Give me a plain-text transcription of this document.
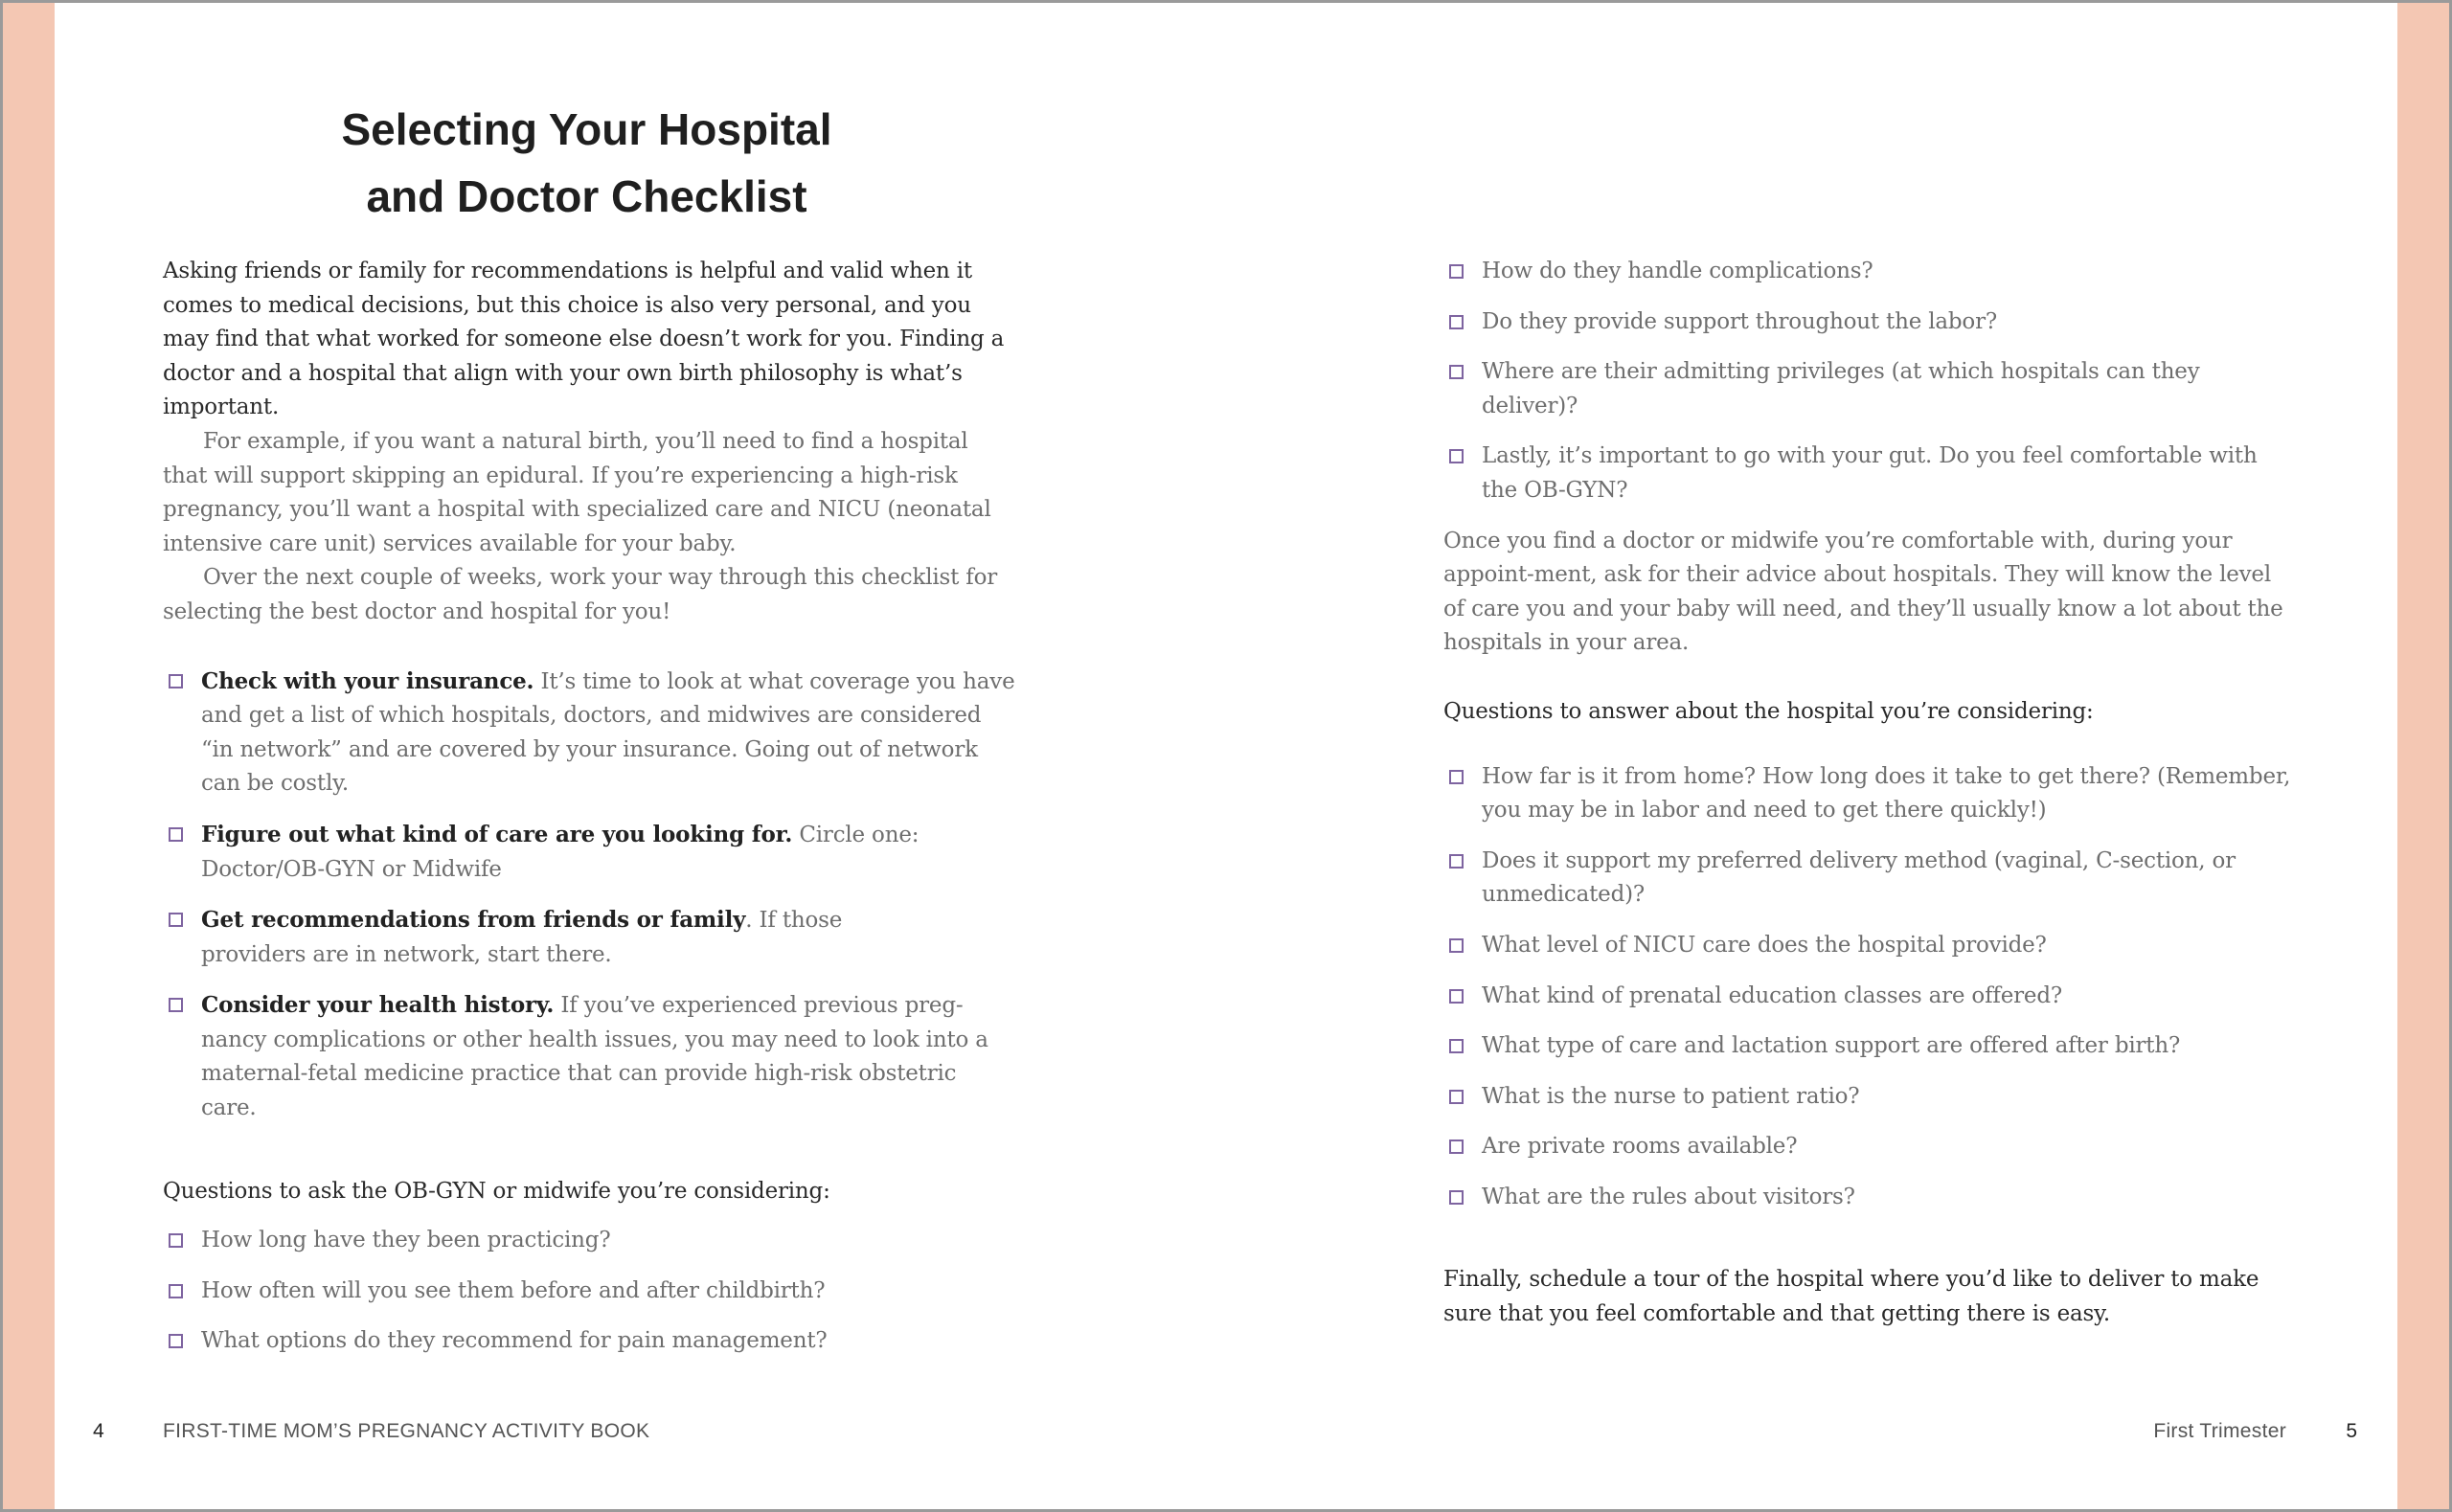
Selecting Your Hospital
and Doctor Checklist

Asking friends or family for recommendations is helpful and valid when it comes to medical decisions, but this choice is also very personal, and you may find that what worked for someone else doesn’t work for you. Finding a doctor and a hospital that align with your own birth philosophy is what’s important.

For example, if you want a natural birth, you’ll need to find a hospital that will support skipping an epidural. If you’re experiencing a high-risk pregnancy, you’ll want a hospital with specialized care and NICU (neonatal intensive care unit) services available for your baby.

Over the next couple of weeks, work your way through this checklist for selecting the best doctor and hospital for you!

Check with your insurance. It’s time to look at what coverage you have and get a list of which hospitals, doctors, and midwives are considered “in network” and are covered by your insurance. Going out of network can be costly.
Figure out what kind of care are you looking for. Circle one: Doctor/OB-GYN or Midwife
Get recommendations from friends or family. If those providers are in network, start there.
Consider your health history. If you’ve experienced previous preg-nancy complications or other health issues, you may need to look into a maternal-fetal medicine practice that can provide high-risk obstetric care.

Questions to ask the OB-GYN or midwife you’re considering:

How long have they been practicing?
How often will you see them before and after childbirth?
What options do they recommend for pain management?
How do they handle complications?
Do they provide support throughout the labor?
Where are their admitting privileges (at which hospitals can they deliver)?
Lastly, it’s important to go with your gut. Do you feel comfortable with the OB-GYN?

Once you find a doctor or midwife you’re comfortable with, during your appoint-ment, ask for their advice about hospitals. They will know the level of care you and your baby will need, and they’ll usually know a lot about the hospitals in your area.

Questions to answer about the hospital you’re considering:

How far is it from home? How long does it take to get there? (Remember, you may be in labor and need to get there quickly!)
Does it support my preferred delivery method (vaginal, C-section, or unmedicated)?
What level of NICU care does the hospital provide?
What kind of prenatal education classes are offered?
What type of care and lactation support are offered after birth?
What is the nurse to patient ratio?
Are private rooms available?
What are the rules about visitors?

Finally, schedule a tour of the hospital where you’d like to deliver to make sure that you feel comfortable and that getting there is easy.

4	FIRST-TIME MOM’S PREGNANCY ACTIVITY BOOK	First Trimester	5
